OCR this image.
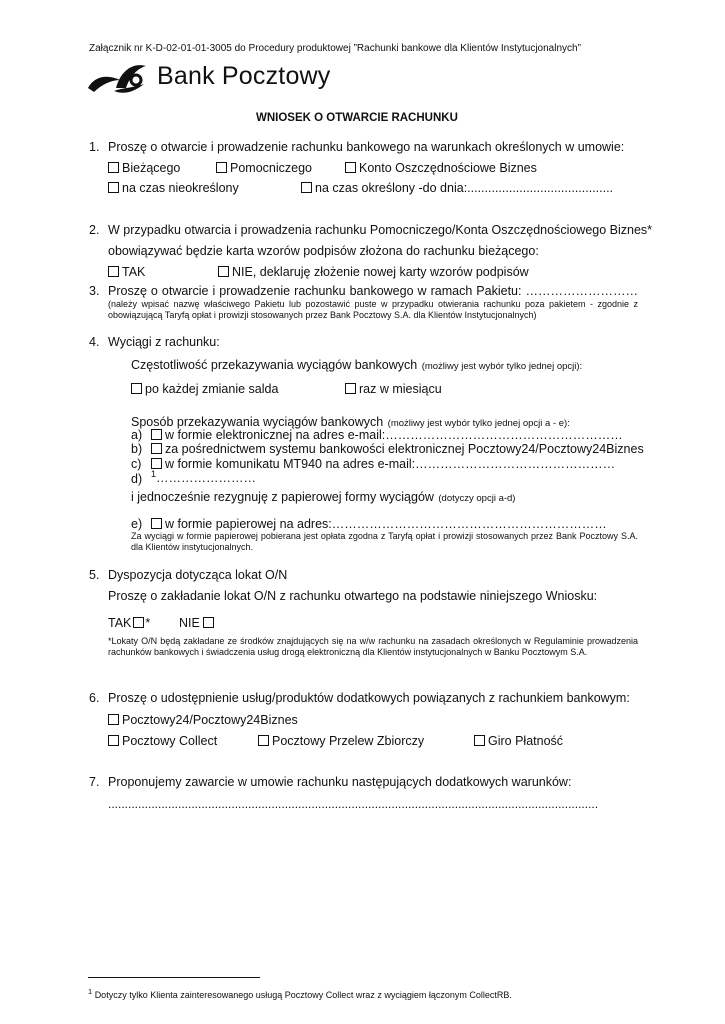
Załącznik nr K-D-02-01-01-3005 do Procedury produktowej ”Rachunki bankowe dla Klientów Instytucjonalnych”
Bank Pocztowy
WNIOSEK O OTWARCIE RACHUNKU
1. Proszę o otwarcie i prowadzenie rachunku bankowego na warunkach określonych w umowie:
Bieżącego	Pomocniczego	Konto Oszczędnościowe Biznes
na czas nieokreślony	na czas określony -do dnia:..........................................
2. W przypadku otwarcia i prowadzenia rachunku Pomocniczego/Konta Oszczędnościowego Biznes*
obowiązywać będzie karta wzorów podpisów złożona do rachunku bieżącego:
TAK	NIE, deklaruję złożenie nowej karty wzorów podpisów
3. Proszę o otwarcie i prowadzenie rachunku bankowego w ramach Pakietu: ………………………
(należy wpisać nazwę właściwego Pakietu lub pozostawić puste w przypadku otwierania rachunku poza pakietem - zgodnie z obowiązującą Taryfą opłat i prowizji stosowanych przez Bank Pocztowy S.A. dla Klientów Instytucjonalnych)
4. Wyciągi z rachunku:
Częstotliwość przekazywania wyciągów bankowych (możliwy jest wybór tylko jednej opcji):
po każdej zmianie salda	raz w miesiącu
Sposób przekazywania wyciągów bankowych (możliwy jest wybór tylko jednej opcji a - e):
a)	w formie elektronicznej na adres e-mail:…………………………………………………
b)	za pośrednictwem systemu bankowości elektronicznej Pocztowy24/Pocztowy24Biznes
c)	w formie komunikatu MT940 na adres e-mail:…………………………………………
d) $^1$……………………
i jednocześnie rezygnuję z papierowej formy wyciągów (dotyczy opcji a-d)
e)	w formie papierowej na adres:…………………………………………………………
Za wyciągi w formie papierowej pobierana jest opłata zgodna z Taryfą opłat i prowizji stosowanych przez Bank Pocztowy S.A. dla Klientów instytucjonalnych.
5. Dyspozycja dotycząca lokat O/N
Proszę o zakładanie lokat O/N z rachunku otwartego na podstawie niniejszego Wniosku:
TAK * NIE
*Lokaty O/N będą zakładane ze środków znajdujących się na w/w rachunku na zasadach określonych w Regulaminie prowadzenia rachunków bankowych i świadczenia usług drogą elektroniczną dla Klientów instytucjonalnych w Banku Pocztowym S.A.
6. Proszę o udostępnienie usług/produktów dodatkowych powiązanych z rachunkiem bankowym:
Pocztowy24/Pocztowy24Biznes
Pocztowy Collect	Pocztowy Przelew Zbiorczy	Giro Płatność
7. Proponujemy zawarcie w umowie rachunku następujących dodatkowych warunków:
...................................................................................................................................................
$^1$ Dotyczy tylko Klienta zainteresowanego usługą Pocztowy Collect wraz z wyciągiem łączonym CollectRB.
